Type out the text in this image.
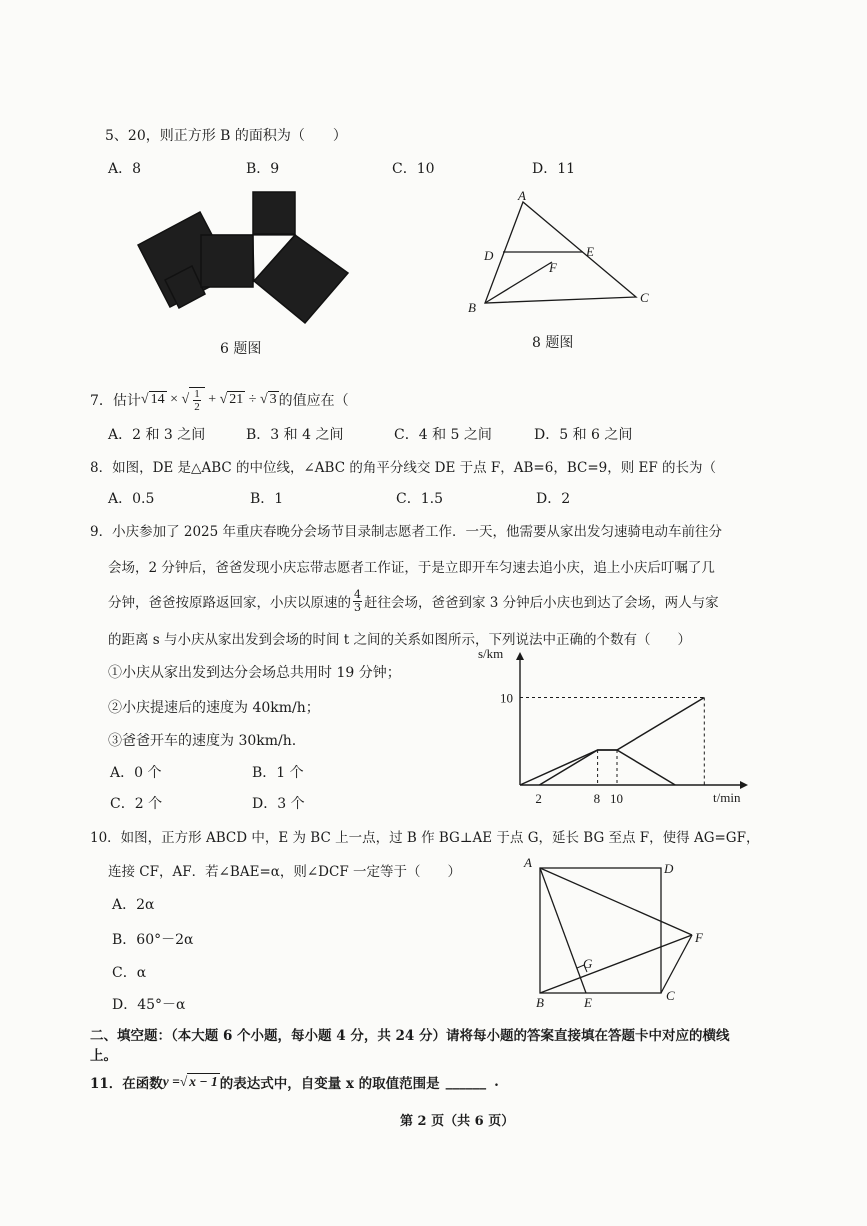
5、20，则正方形 B 的面积为（　　）
A．8	B．9	C．10	D．11
6 题图
A
D	E
F
B
C
8 题图
7．估计 √ 14 × √ $\frac{1}{2}$ + √ 21 ÷ √ 3 的值应在（
A．2 和 3 之间	B．3 和 4 之间	C．4 和 5 之间	D．5 和 6 之间
8．如图，DE 是△ABC 的中位线，∠ABC 的角平分线交 DE 于点 F，AB=6，BC=9，则 EF 的长为（
A．0.5	B．1	C．1.5	D．2
9．小庆参加了 2025 年重庆春晚分会场节目录制志愿者工作．一天，他需要从家出发匀速骑电动车前往分
会场，2 分钟后，爸爸发现小庆忘带志愿者工作证，于是立即开车匀速去追小庆，追上小庆后叮嘱了几
分钟，爸爸按原路返回家，小庆以原速的 $\frac{4}{3}$ 赶往会场，爸爸到家 3 分钟后小庆也到达了会场，两人与家
的距离 s 与小庆从家出发到会场的时间 t 之间的关系如图所示，下列说法中正确的个数有（　　）
①小庆从家出发到达分会场总共用时 19 分钟；
②小庆提速后的速度为 40km/h；
③爸爸开车的速度为 30km/h.
A．0 个	B．1 个
C．2 个	D．3 个
s/km
t/min
10
2	8 10
10．如图，正方形 ABCD 中，E 为 BC 上一点，过 B 作 BG⊥AE 于点 G，延长 BG 至点 F，使得 AG=GF，
连接 CF，AF．若∠BAE=α，则∠DCF 一定等于（　　）
A．2α
B．60°－2α
C．α
D．45°－α
A	D
F
G
B	E	C
二、填空题：（本大题 6 个小题，每小题 4 分，共 24 分）请将每小题的答案直接填在答题卡中对应的横线
上。
11．在函数 y = √ x − 1 的表达式中，自变量 x 的取值范围是 ______ .
第 2 页（共 6 页）
